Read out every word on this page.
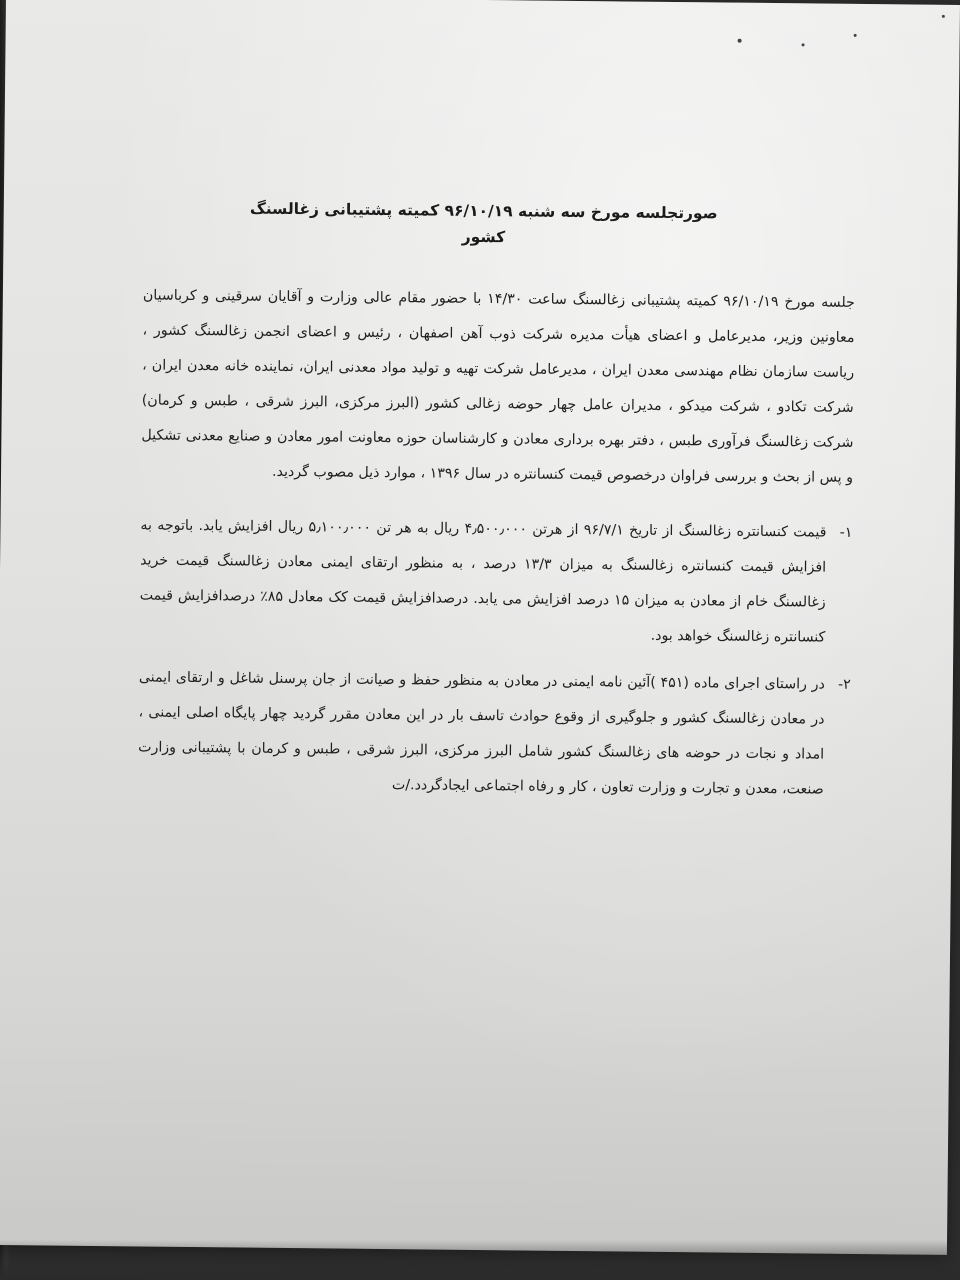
صورتجلسه مورخ سه شنبه ۹۶/۱۰/۱۹ کمیته پشتیبانی زغالسنگ کشور

جلسه مورخ ۹۶/۱۰/۱۹ کمیته پشتیبانی زغالسنگ ساعت ۱۴/۳۰ با حضور مقام عالی وزارت و آقایان سرقینی و کرباسیان معاونین وزیر، مدیرعامل و اعضای هیأت مدیره شرکت ذوب آهن اصفهان ، رئیس و اعضای انجمن زغالسنگ کشور ، ریاست سازمان نظام مهندسی معدن ایران ، مدیرعامل شرکت تهیه و تولید مواد معدنی ایران، نماینده خانه معدن ایران ، شرکت تکادو ، شرکت میدکو ، مدیران عامل چهار حوضه زغالی کشور (البرز مرکزی، البرز شرقی ، طبس و کرمان) شرکت زغالسنگ فرآوری طبس ، دفتر بهره برداری معادن و کارشناسان حوزه معاونت امور معادن و صنایع معدنی تشکیل و پس از بحث و بررسی فراوان درخصوص قیمت کنسانتره در سال ۱۳۹۶ ، موارد ذیل مصوب گردید.

۱-
قیمت کنسانتره زغالسنگ از تاریخ ۹۶/۷/۱ از هرتن ۴٫۵۰۰٫۰۰۰ ریال به هر تن ۵٫۱۰۰٫۰۰۰ ریال افزایش یابد. باتوجه به افزایش قیمت کنسانتره زغالسنگ به میزان ۱۳/۳ درصد ، به منظور ارتقای ایمنی معادن زغالسنگ قیمت خرید زغالسنگ خام از معادن به میزان ۱۵ درصد افزایش می یابد. درصدافزایش قیمت کک معادل ۸۵٪ درصدافزایش قیمت کنسانتره زغالسنگ خواهد بود.

۲-
در راستای اجرای ماده (۴۵۱ )آئین نامه ایمنی در معادن به منظور حفظ و صیانت از جان پرسنل شاغل و ارتقای ایمنی در معادن زغالسنگ کشور و جلوگیری از وقوع حوادث تاسف بار در این معادن مقرر گردید چهار پایگاه اصلی ایمنی ، امداد و نجات در حوضه های زغالسنگ کشور شامل البرز مرکزی، البرز شرقی ، طبس و کرمان با پشتیبانی وزارت صنعت، معدن و تجارت و وزارت تعاون ، کار و رفاه اجتماعی ایجادگردد./ت
